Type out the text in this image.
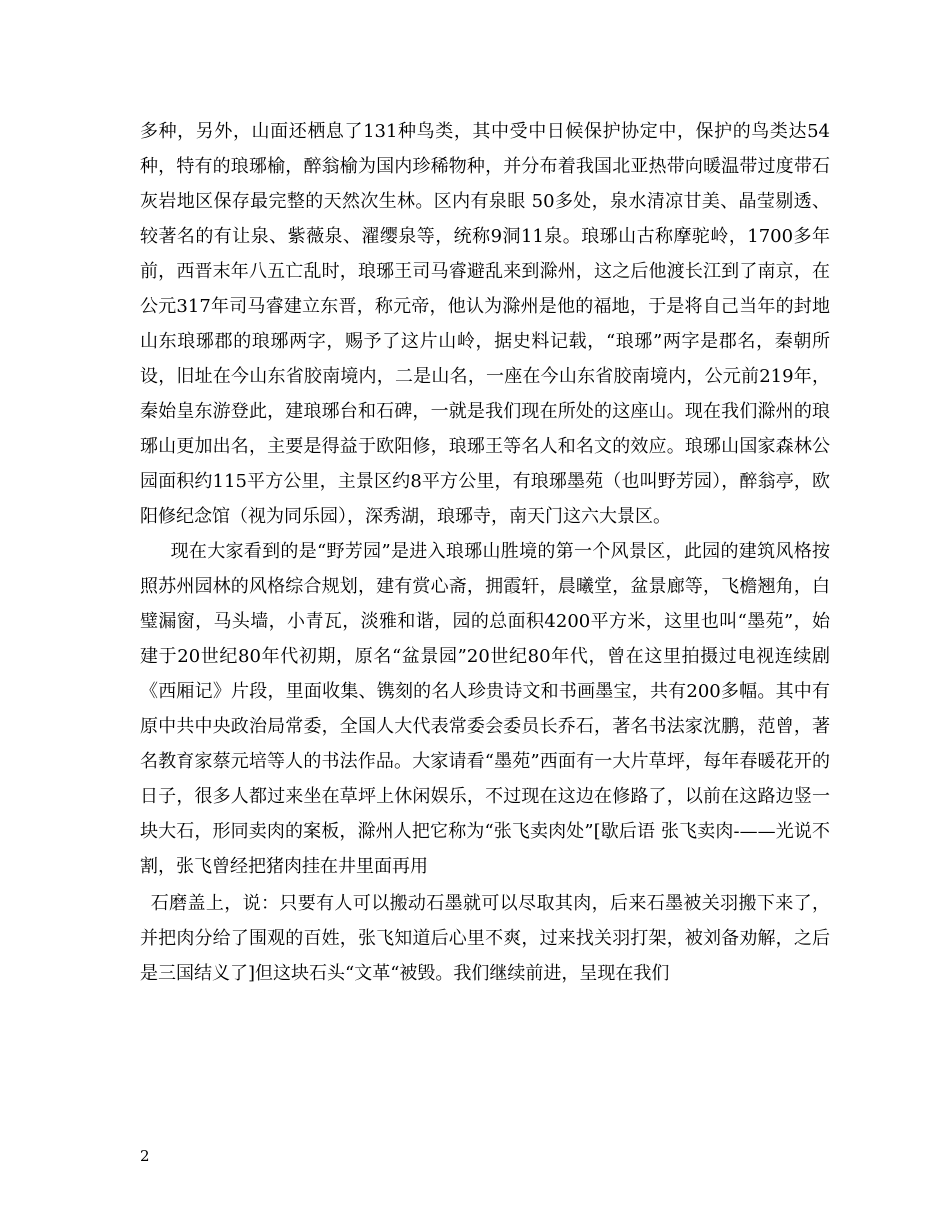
多种，另外，山面还栖息了131种鸟类，其中受中日候保护协定中，保护的鸟类达54种，特有的琅琊榆，醉翁榆为国内珍稀物种，并分布着我国北亚热带向暖温带过度带石灰岩地区保存最完整的天然次生林。区内有泉眼 50多处，泉水清凉甘美、晶莹剔透、较著名的有让泉、紫薇泉、濯缨泉等，统称9洞11泉。琅琊山古称摩驼岭，1700多年前，西晋末年八五亡乱时，琅琊王司马睿避乱来到滁州，这之后他渡长江到了南京，在公元317年司马睿建立东晋，称元帝，他认为滁州是他的福地，于是将自己当年的封地山东琅琊郡的琅琊两字，赐予了这片山岭，据史料记载，“琅琊”两字是郡名，秦朝所设，旧址在今山东省胶南境内，二是山名，一座在今山东省胶南境内，公元前219年，秦始皇东游登此，建琅琊台和石碑，一就是我们现在所处的这座山。现在我们滁州的琅琊山更加出名，主要是得益于欧阳修，琅琊王等名人和名文的效应。琅琊山国家森林公园面积约115平方公里，主景区约8平方公里，有琅琊墨苑（也叫野芳园），醉翁亭，欧阳修纪念馆（视为同乐园），深秀湖，琅琊寺，南天门这六大景区。

现在大家看到的是“野芳园”是进入琅琊山胜境的第一个风景区，此园的建筑风格按照苏州园林的风格综合规划，建有赏心斋，拥霞轩，晨曦堂，盆景廊等，飞檐翘角，白璧漏窗，马头墙，小青瓦，淡雅和谐，园的总面积4200平方米，这里也叫“墨苑”，始建于20世纪80年代初期，原名“盆景园”20世纪80年代，曾在这里拍摄过电视连续剧《西厢记》片段，里面收集、镌刻的名人珍贵诗文和书画墨宝，共有200多幅。其中有原中共中央政治局常委，全国人大代表常委会委员长乔石，著名书法家沈鹏，范曾，著名教育家蔡元培等人的书法作品。大家请看“墨苑”西面有一大片草坪，每年春暖花开的日子，很多人都过来坐在草坪上休闲娱乐，不过现在这边在修路了，以前在这路边竖一块大石，形同卖肉的案板，滁州人把它称为“张飞卖肉处”[歇后语 张飞卖肉-——光说不割，张飞曾经把猪肉挂在井里面再用

石磨盖上，说：只要有人可以搬动石墨就可以尽取其肉，后来石墨被关羽搬下来了，并把肉分给了围观的百姓，张飞知道后心里不爽，过来找关羽打架，被刘备劝解，之后是三国结义了]但这块石头“文革“被毁。我们继续前进，呈现在我们

2
